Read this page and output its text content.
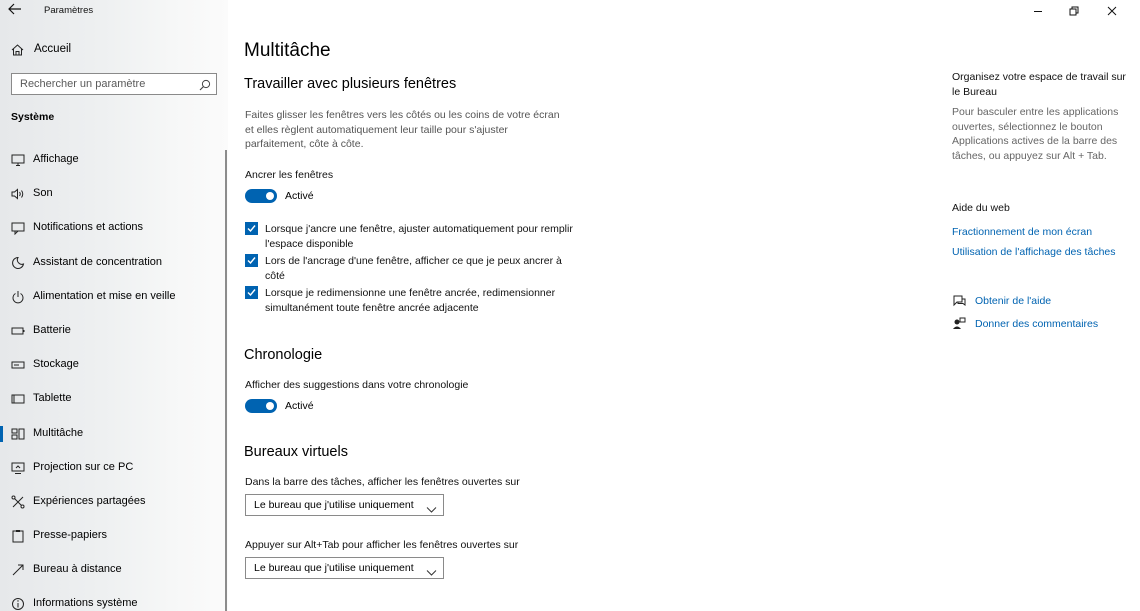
Paramètres
Accueil
Rechercher un paramètre
Système
Affichage
Son
Notifications et actions
Assistant de concentration
Alimentation et mise en veille
Batterie
Stockage
Tablette
Multitâche
Projection sur ce PC
Expériences partagées
Presse-papiers
Bureau à distance
Informations système
Multitâche
Travailler avec plusieurs fenêtres
Faites glisser les fenêtres vers les côtés ou les coins de votre écran et elles règlent automatiquement leur taille pour s'ajuster parfaitement, côte à côte.
Ancrer les fenêtres
Activé
Lorsque j'ancre une fenêtre, ajuster automatiquement pour remplir l'espace disponible
Lors de l'ancrage d'une fenêtre, afficher ce que je peux ancrer à côté
Lorsque je redimensionne une fenêtre ancrée, redimensionner simultanément toute fenêtre ancrée adjacente
Chronologie
Afficher des suggestions dans votre chronologie
Activé
Bureaux virtuels
Dans la barre des tâches, afficher les fenêtres ouvertes sur
Le bureau que j'utilise uniquement
Appuyer sur Alt+Tab pour afficher les fenêtres ouvertes sur
Le bureau que j'utilise uniquement
Organisez votre espace de travail sur le Bureau
Pour basculer entre les applications ouvertes, sélectionnez le bouton Applications actives de la barre des tâches, ou appuyez sur Alt + Tab.
Aide du web
Fractionnement de mon écran
Utilisation de l'affichage des tâches
Obtenir de l'aide
Donner des commentaires
